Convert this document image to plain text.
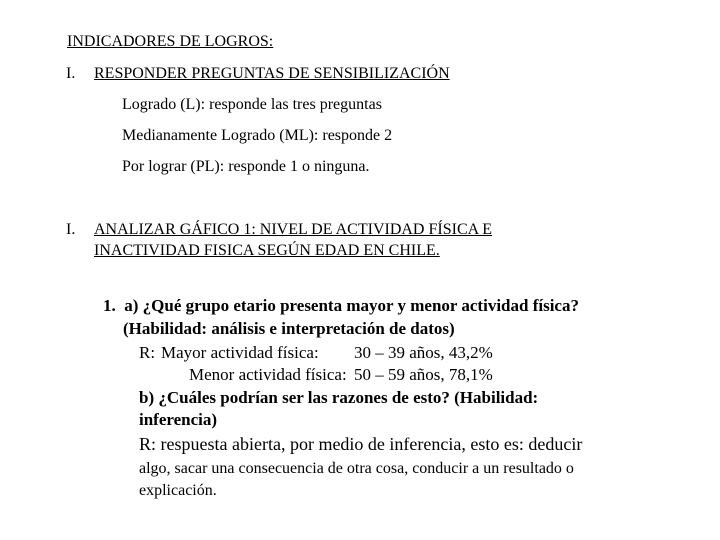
INDICADORES DE LOGROS:
I. RESPONDER PREGUNTAS DE SENSIBILIZACIÓN
Logrado (L): responde las tres preguntas
Medianamente Logrado (ML): responde 2
Por lograr (PL): responde 1 o ninguna.
I. ANALIZAR GÁFICO 1: NIVEL DE ACTIVIDAD FÍSICA E
INACTIVIDAD FISICA SEGÚN EDAD EN CHILE.
1. a) ¿Qué grupo etario presenta mayor y menor actividad física?
(Habilidad: análisis e interpretación de datos)
R: Mayor actividad física: 30 – 39 años, 43,2%
Menor actividad física: 50 – 59 años, 78,1%
b) ¿Cuáles podrían ser las razones de esto? (Habilidad:
inferencia)
R: respuesta abierta, por medio de inferencia, esto es: deducir
algo, sacar una consecuencia de otra cosa, conducir a un resultado o
explicación.
